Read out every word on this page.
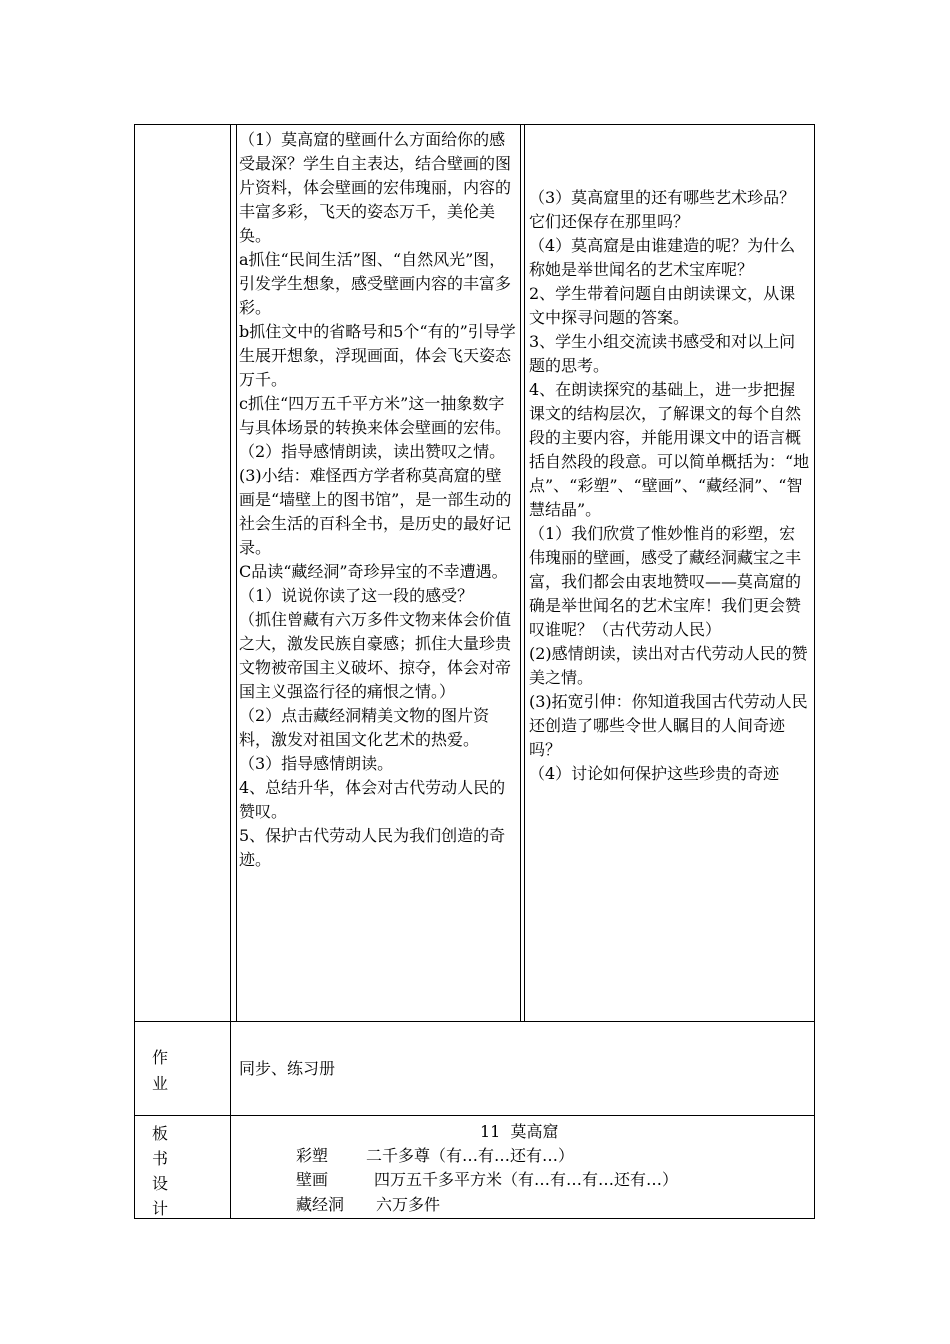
（1）莫高窟的壁画什么方面给你的感受最深？学生自主表达，结合壁画的图片资料，体会壁画的宏伟瑰丽，内容的丰富多彩，飞天的姿态万千，美伦美奂。

a抓住“民间生活”图、“自然风光”图，引发学生想象，感受壁画内容的丰富多彩。

b抓住文中的省略号和5个“有的”引导学生展开想象，浮现画面，体会飞天姿态万千。

c抓住“四万五千平方米”这一抽象数字与具体场景的转换来体会壁画的宏伟。

（2）指导感情朗读，读出赞叹之情。

(3)小结：难怪西方学者称莫高窟的壁画是“墙壁上的图书馆”，是一部生动的社会生活的百科全书，是历史的最好记录。

C品读“藏经洞”奇珍异宝的不幸遭遇。

（1）说说你读了这一段的感受？

（抓住曾藏有六万多件文物来体会价值之大，激发民族自豪感；抓住大量珍贵文物被帝国主义破坏、掠夺，体会对帝国主义强盗行径的痛恨之情。）

（2）点击藏经洞精美文物的图片资料，激发对祖国文化艺术的热爱。

（3）指导感情朗读。

4、总结升华，体会对古代劳动人民的赞叹。

5、保护古代劳动人民为我们创造的奇迹。

（3）莫高窟里的还有哪些艺术珍品？它们还保存在那里吗？

（4）莫高窟是由谁建造的呢？为什么称她是举世闻名的艺术宝库呢？

2、学生带着问题自由朗读课文，从课文中探寻问题的答案。

3、学生小组交流读书感受和对以上问题的思考。

4、在朗读探究的基础上，进一步把握课文的结构层次，了解课文的每个自然段的主要内容，并能用课文中的语言概括自然段的段意。可以简单概括为：“地点”、“彩塑”、“壁画”、“藏经洞”、“智慧结晶”。

（1）我们欣赏了惟妙惟肖的彩塑，宏伟瑰丽的壁画，感受了藏经洞藏宝之丰富，我们都会由衷地赞叹——莫高窟的确是举世闻名的艺术宝库！我们更会赞叹谁呢？（古代劳动人民）

(2)感情朗读，读出对古代劳动人民的赞美之情。

(3)拓宽引伸：你知道我国古代劳动人民还创造了哪些令世人瞩目的人间奇迹吗？

（4）讨论如何保护这些珍贵的奇迹

作
业
同步、练习册
板
书
设
计
11  莫高窟
彩塑 二千多尊（有…有…还有…）
壁画	四万五千多平方米（有…有…有…还有…）
藏经洞 六万多件
